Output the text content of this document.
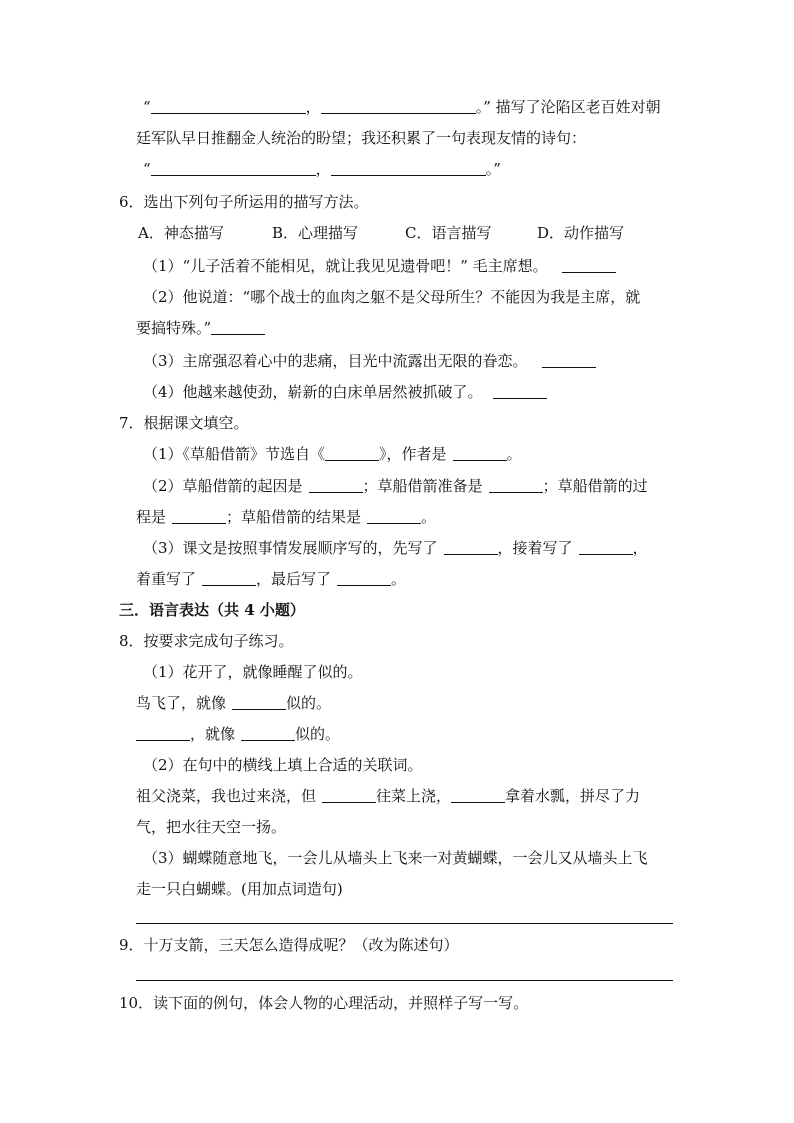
“	，	。” 描写了沦陷区老百姓对朝
廷军队早日推翻金人统治的盼望；我还积累了一句表现友情的诗句：
“	，	。”
6．选出下列句子所运用的描写方法。
A．神态描写	B．心理描写	C．语言描写	D．动作描写
（1）“儿子活着不能相见，就让我见见遗骨吧！” 毛主席想。
（2）他说道：“哪个战士的血肉之躯不是父母所生？不能因为我是主席，就
要搞特殊。”
（3）主席强忍着心中的悲痛，目光中流露出无限的眷恋。
（4）他越来越使劲，崭新的白床单居然被抓破了。
7．根据课文填空。
（1）《草船借箭》节选自《	》，作者是	。
（2）草船借箭的起因是	；草船借箭准备是	；草船借箭的过
程是	；草船借箭的结果是	。
（3）课文是按照事情发展顺序写的，先写了	，接着写了	，
着重写了	，最后写了	。
三．语言表达（共 4 小题）
8．按要求完成句子练习。
（1）花开了，就像睡醒了似的。
鸟飞了，就像	似的。
，就像	似的。
（2）在句中的横线上填上合适的关联词。
祖父浇菜，我也过来浇，但	往菜上浇，	拿着水瓢，拼尽了力
气，把水往天空一扬。
（3）蝴蝶随意地飞，一会儿从墙头上飞来一对黄蝴蝶，一会儿又从墙头上飞
走一只白蝴蝶。(用加点词造句)
9．十万支箭，三天怎么造得成呢？（改为陈述句）
10．读下面的例句，体会人物的心理活动，并照样子写一写。
